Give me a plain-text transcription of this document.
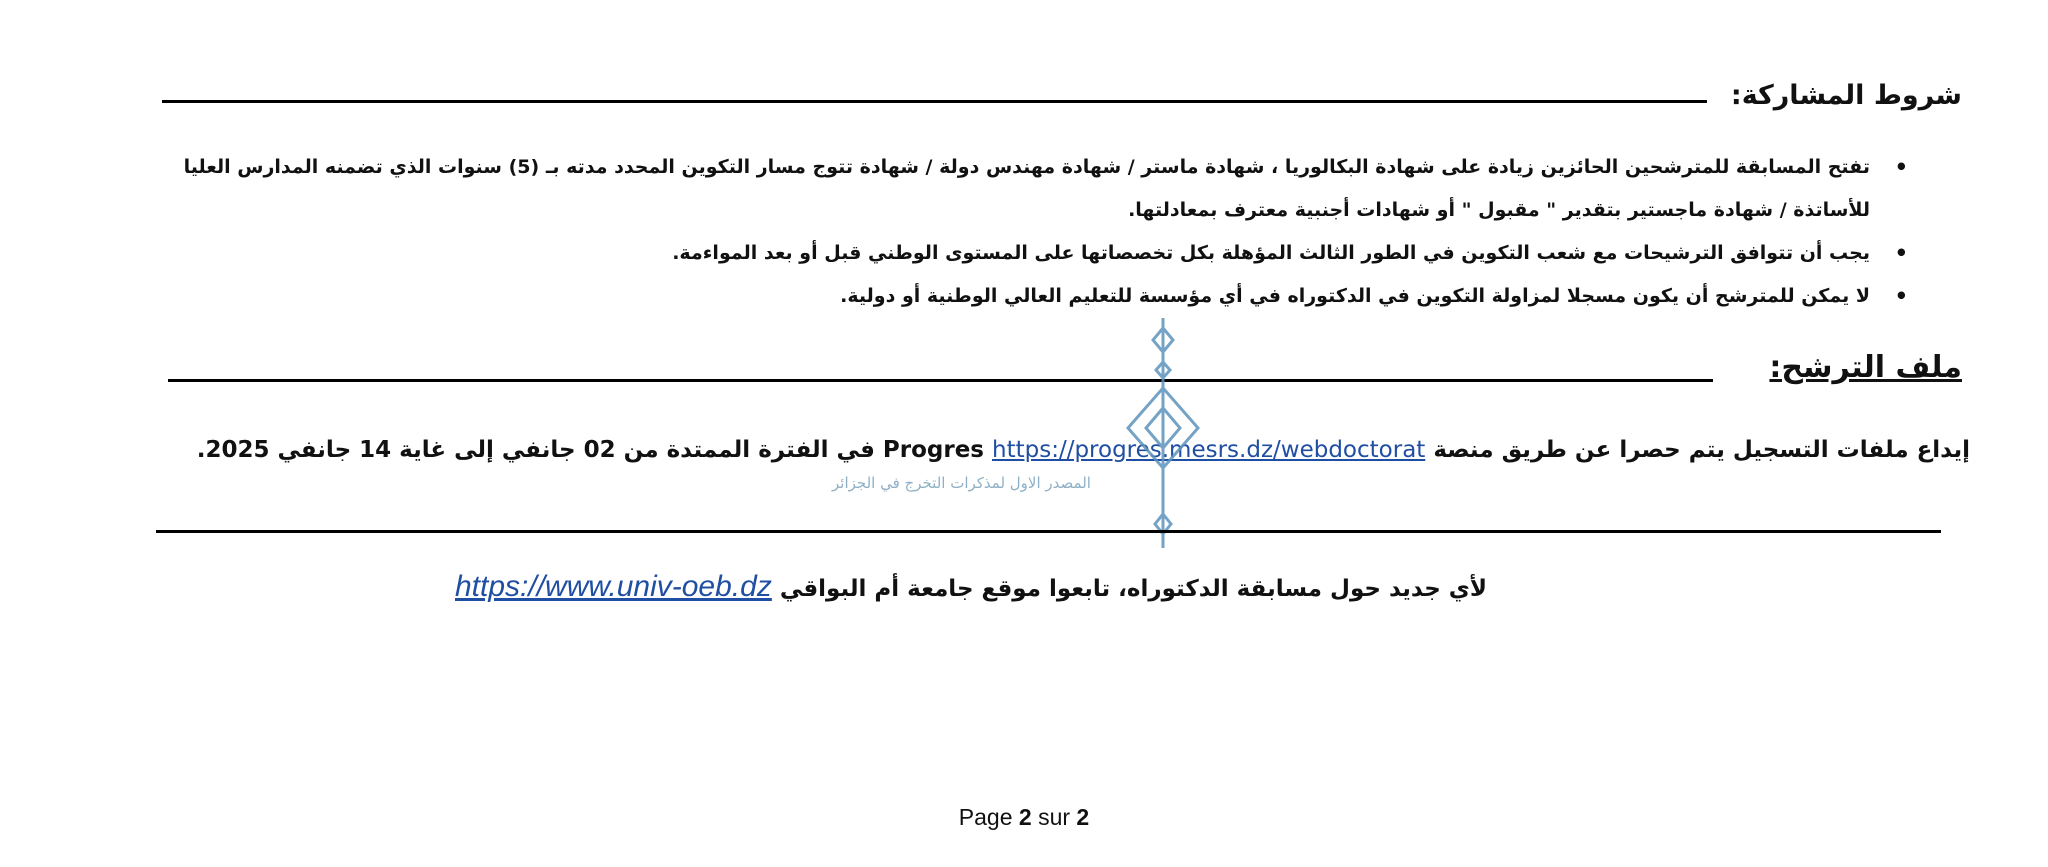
شروط المشاركة:
•
تفتح المسابقة للمترشحين الحائزين زيادة على شهادة البكالوريا ، شهادة ماستر / شهادة مهندس دولة / شهادة تتوج مسار التكوين المحدد مدته بـ (5) سنوات الذي تضمنه المدارس العليا للأساتذة / شهادة ماجستير بتقدير " مقبول " أو شهادات أجنبية معترف بمعادلتها.
•
يجب أن تتوافق الترشيحات مع شعب التكوين في الطور الثالث المؤهلة بكل تخصصاتها على المستوى الوطني قبل أو بعد المواءمة.
•
لا يمكن للمترشح أن يكون مسجلا لمزاولة التكوين في الدكتوراه في أي مؤسسة للتعليم العالي الوطنية أو دولية.
ملف الترشح:
إيداع ملفات التسجيل يتم حصرا عن طريق منصة Progres https://progres.mesrs.dz/webdoctorat في الفترة الممتدة من 02 جانفي إلى غاية 14 جانفي 2025.
المصدر الاول لمذكرات التخرج في الجزائر
لأي جديد حول مسابقة الدكتوراه، تابعوا موقع جامعة أم البواقي https://www.univ-oeb.dz
Page 2 sur 2
